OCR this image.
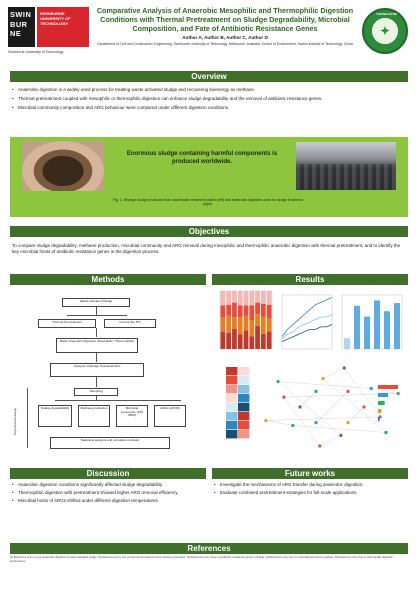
SWIN BUR NE
SWINBURNE UNIVERSITY OF TECHNOLOGY
Swinburne University of Technology
Comparative Analysis of Anaerobic Mesophilic and Thermophilic Digestion Conditions with Thermal Pretreatment on Sludge Degradability, Microbial Composition, and Fate of Antibiotic Resistance Genes
Author A, Author B, Author C, Author D
Department of Civil and Construction Engineering, Swinburne University of Technology, Melbourne, Australia; School of Environment, Harbin Institute of Technology, China
SWINBURNE
✦
Overview
• Anaerobic digestion is a widely used process for treating waste activated sludge and recovering bioenergy as methane.
• Thermal pretreatment coupled with mesophilic or thermophilic digestion can enhance sludge degradability and the removal of antibiotic resistance genes.
• Microbial community composition and ARG behaviour were compared under different digestion conditions.
Enormous sludge containing harmful components is produced worldwide.
Fig. 1. Sewage sludge produced from wastewater treatment plants (left) and anaerobic digesters used for sludge treatment (right).
Objectives
To compare sludge degradability, methane production, microbial community and ARG removal during mesophilic and thermophilic anaerobic digestion with thermal pretreatment, and to identify the key microbial hosts of antibiotic resistance genes in the digestion process.
Methods
Waste Activated Sludge
Thermal Pretreatment	Control (No PT)
Batch Anaerobic Digestion (Mesophilic / Thermophilic)
Analysis of Sludge Characteristics
Sampling
Sludge degradability	Methane production	Microbial community (16S rRNA)
ARGs (qPCR)
Statistical analysis and correlation network
Experimental design
Results
Discussion
• Anaerobic digestion conditions significantly affected sludge degradability.
• Thermophilic digestion with pretreatment showed higher ARG removal efficiency.
• Microbial hosts of ARGs shifted under different digestion temperatures.
Future works
• Investigate the mechanisms of ARG transfer during anaerobic digestion.
• Evaluate combined pretreatment strategies for full-scale applications.
References
[1] Reference entry one on anaerobic digestion of waste activated sludge. [2] Reference entry two on thermal pretreatment and methane production. [3] Reference entry three on antibiotic resistance genes in sludge. [4] Reference entry four on microbial community analysis. [5] Reference entry five on thermophilic digestion performance.
